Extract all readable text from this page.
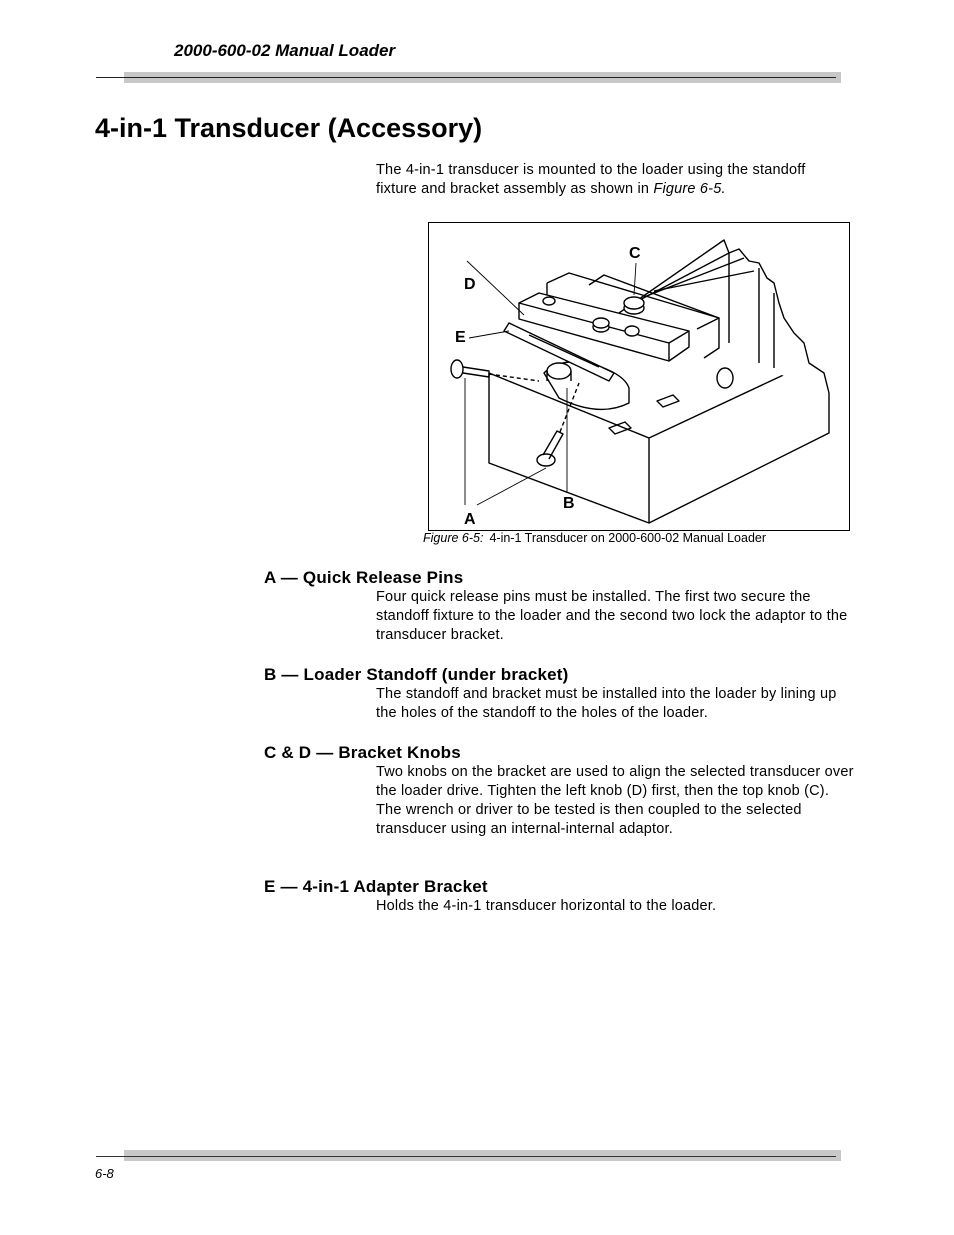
2000-600-02 Manual Loader
4-in-1 Transducer (Accessory)

The 4-in-1 transducer is mounted to the loader using the standoff fixture and bracket assembly as shown in Figure 6-5.

C
D
E
B
A
Figure 6-5: 4-in-1 Transducer on 2000-600-02 Manual Loader
A — Quick Release Pins

Four quick release pins must be installed. The first two secure the standoff fixture to the loader and the second two lock the adaptor to the transducer bracket.

B — Loader Standoff (under bracket)

The standoff and bracket must be installed into the loader by lining up the holes of the standoff to the holes of the loader.

C & D — Bracket Knobs

Two knobs on the bracket are used to align the selected transducer over the loader drive. Tighten the left knob (D) first, then the top knob (C). The wrench or driver to be tested is then coupled to the selected transducer using an internal-internal adaptor.

E — 4-in-1 Adapter Bracket

Holds the 4-in-1 transducer horizontal to the loader.

6-8
